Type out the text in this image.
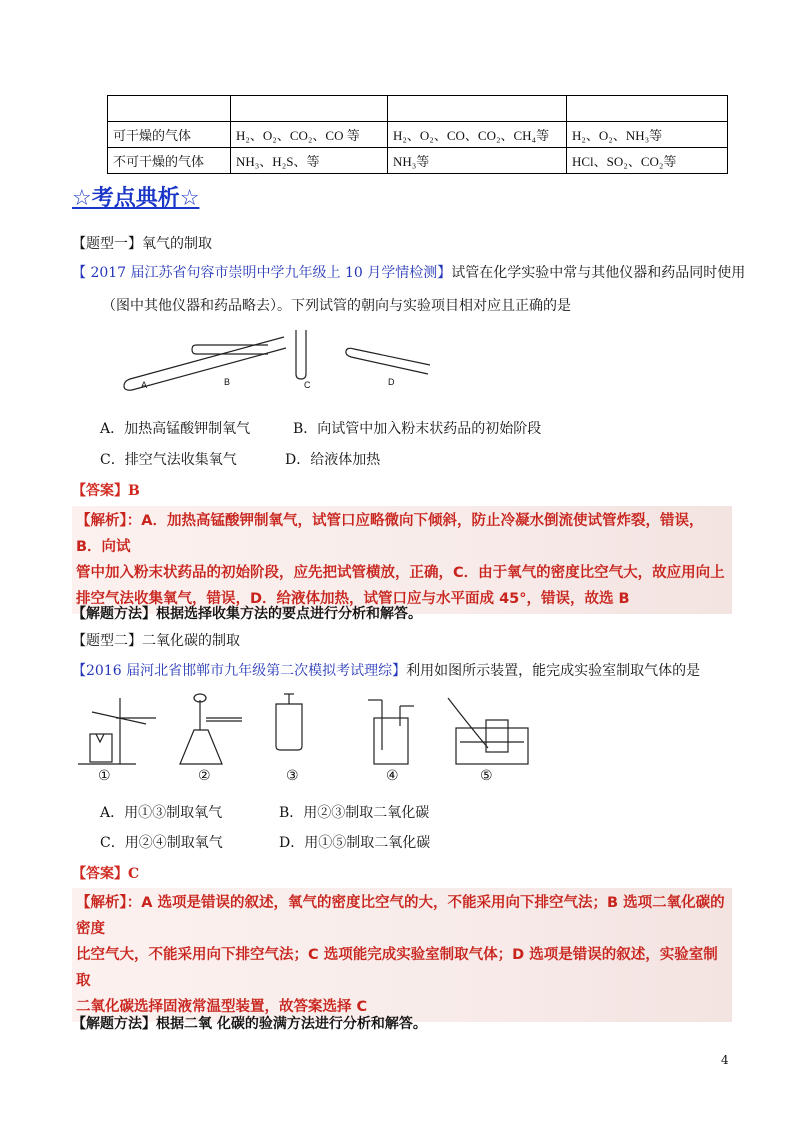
可干燥的气体	H₂、O₂、CO₂、CO 等	H₂、O₂、CO、CO₂、CH₄等	H₂、O₂、NH₃等
不可干燥的气体	NH₃、H₂S、等	NH₃等	HCl、SO₂、CO₂等
☆考点典析☆
【题型一】氧气的制取
【 2017 届江苏省句容市崇明中学九年级上 10 月学情检测】试管在化学实验中常与其他仪器和药品同时使用
（图中其他仪器和药品略去）。下列试管的朝向与实验项目相对应且正确的是
A	B	C	D
A．加热高锰酸钾制氧气	B．向试管中加入粉末状药品的初始阶段
C．排空气法收集氧气	D．给液体加热
【答案】B
【解析】：A．加热高锰酸钾制氧气，试管口应略微向下倾斜，防止冷凝水倒流使试管炸裂，错误，B．向试
管中加入粉末状药品的初始阶段，应先把试管横放，正确，C．由于氧气的密度比空气大，故应用向上
排空气法收集氧气，错误，D．给液体加热，试管口应与水平面成 45°，错误，故选 B
【解题方法】根据选择收集方法的要点进行分析和解答。
【题型二】二氧化碳的制取
【2016 届河北省邯郸市九年级第二次模拟考试理综】利用如图所示装置，能完成实验室制取气体的是
①	②	③	④	⑤
A．用①③制取氧气	B．用②③制取二氧化碳
C．用②④制取氧气	D．用①⑤制取二氧化碳
【答案】C
【解析】：A 选项是错误的叙述，氧气的密度比空气的大，不能采用向下排空气法；B 选项二氧化碳的密度
比空气大，不能采用向下排空气法；C 选项能完成实验室制取气体；D 选项是错误的叙述，实验室制取
二氧化碳选择固液常温型装置，故答案选择 C
【解题方法】根据二氧 化碳的验满方法进行分析和解答。
4
